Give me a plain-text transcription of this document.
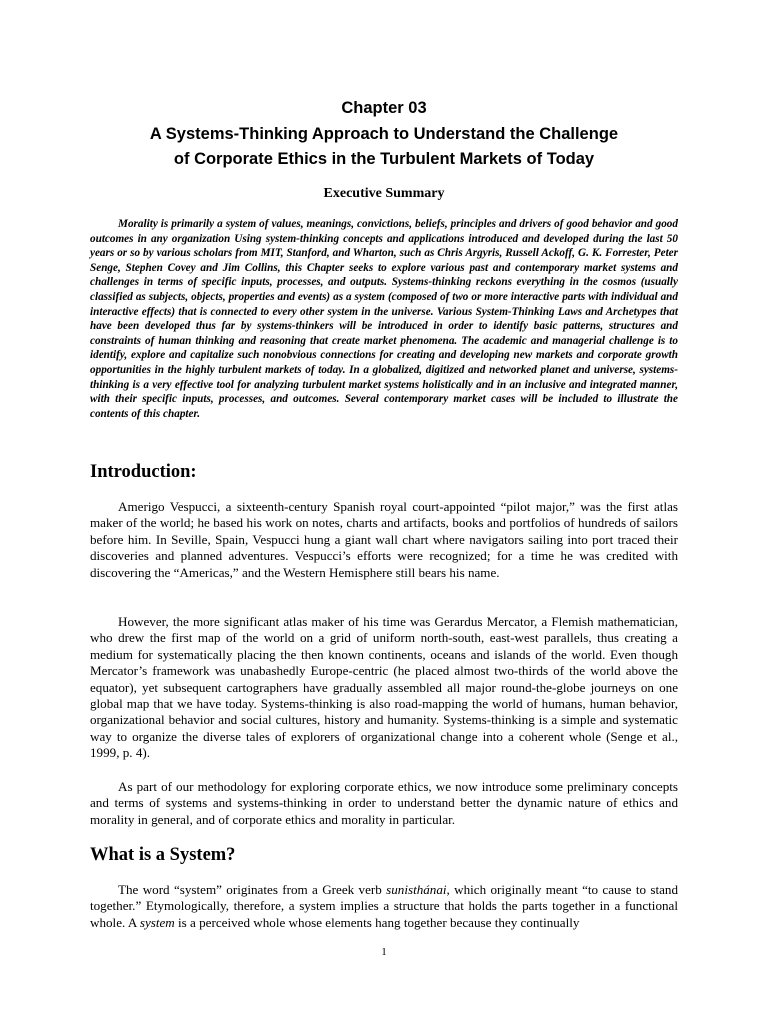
Chapter 03
A Systems-Thinking Approach to Understand the Challenge
of Corporate Ethics in the Turbulent Markets of Today
Executive Summary

Morality is primarily a system of values, meanings, convictions, beliefs, principles and drivers of good behavior and good outcomes in any organization Using system-thinking concepts and applications introduced and developed during the last 50 years or so by various scholars from MIT, Stanford, and Wharton, such as Chris Argyris, Russell Ackoff, G. K. Forrester, Peter Senge, Stephen Covey and Jim Collins, this Chapter seeks to explore various past and contemporary market systems and challenges in terms of specific inputs, processes, and outputs. Systems-thinking reckons everything in the cosmos (usually classified as subjects, objects, properties and events) as a system (composed of two or more interactive parts with individual and interactive effects) that is connected to every other system in the universe. Various System-Thinking Laws and Archetypes that have been developed thus far by systems-thinkers will be introduced in order to identify basic patterns, structures and constraints of human thinking and reasoning that create market phenomena. The academic and managerial challenge is to identify, explore and capitalize such nonobvious connections for creating and developing new markets and corporate growth opportunities in the highly turbulent markets of today. In a globalized, digitized and networked planet and universe, systems-thinking is a very effective tool for analyzing turbulent market systems holistically and in an inclusive and integrated manner, with their specific inputs, processes, and outcomes. Several contemporary market cases will be included to illustrate the contents of this chapter.

Introduction:

Amerigo Vespucci, a sixteenth-century Spanish royal court-appointed “pilot major,” was the first atlas maker of the world; he based his work on notes, charts and artifacts, books and portfolios of hundreds of sailors before him. In Seville, Spain, Vespucci hung a giant wall chart where navigators sailing into port traced their discoveries and planned adventures. Vespucci’s efforts were recognized; for a time he was credited with discovering the “Americas,” and the Western Hemisphere still bears his name.

However, the more significant atlas maker of his time was Gerardus Mercator, a Flemish mathematician, who drew the first map of the world on a grid of uniform north-south, east-west parallels, thus creating a medium for systematically placing the then known continents, oceans and islands of the world. Even though Mercator’s framework was unabashedly Europe-centric (he placed almost two-thirds of the world above the equator), yet subsequent cartographers have gradually assembled all major round-the-globe journeys on one global map that we have today. Systems-thinking is also road-mapping the world of humans, human behavior, organizational behavior and social cultures, history and humanity. Systems-thinking is a simple and systematic way to organize the diverse tales of explorers of organizational change into a coherent whole (Senge et al., 1999, p. 4).

As part of our methodology for exploring corporate ethics, we now introduce some preliminary concepts and terms of systems and systems-thinking in order to understand better the dynamic nature of ethics and morality in general, and of corporate ethics and morality in particular.

What is a System?

The word “system” originates from a Greek verb sunisthánai, which originally meant “to cause to stand together.” Etymologically, therefore, a system implies a structure that holds the parts together in a functional whole. A system is a perceived whole whose elements hang together because they continually

1
